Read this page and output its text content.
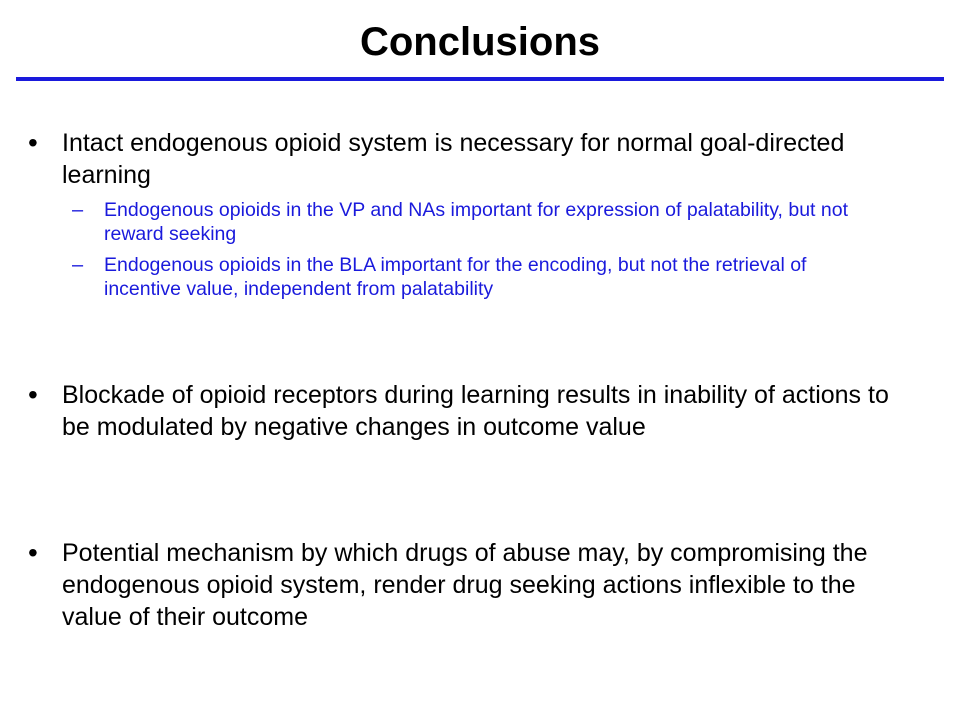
Conclusions
• Intact endogenous opioid system is necessary for normal goal-directed learning
– Endogenous opioids in the VP and NAs important for expression of palatability, but not reward seeking
– Endogenous opioids in the BLA important for the encoding, but not the retrieval of incentive value, independent from palatability
• Blockade of opioid receptors during learning results in inability of actions to be modulated by negative changes in outcome value
• Potential mechanism by which drugs of abuse may, by compromising the endogenous opioid system, render drug seeking actions inflexible to the value of their outcome
